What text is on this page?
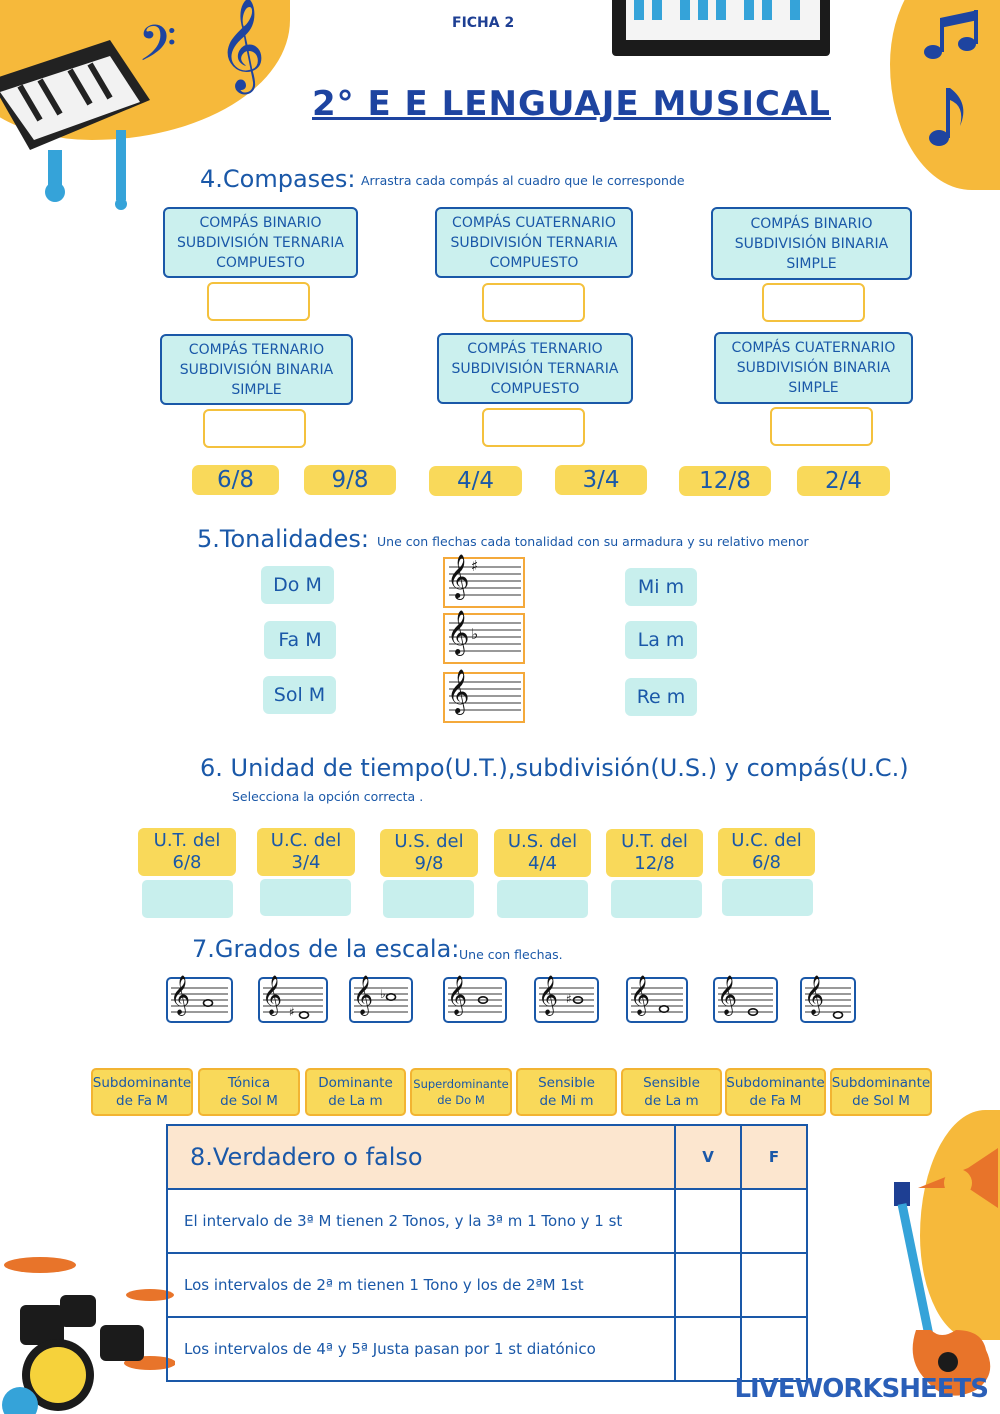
𝄢 𝄞	FICHA 2
2° E E LENGUAJE MUSICAL
4.Compases: Arrastra cada compás al cuadro que le corresponde
COMPÁS BINARIO
SUBDIVISIÓN TERNARIA
COMPUESTO
COMPÁS CUATERNARIO
SUBDIVISIÓN TERNARIA
COMPUESTO
COMPÁS BINARIO
SUBDIVISIÓN BINARIA
SIMPLE
COMPÁS TERNARIO
SUBDIVISIÓN BINARIA
SIMPLE
COMPÁS TERNARIO
SUBDIVISIÓN TERNARIA
COMPUESTO
COMPÁS CUATERNARIO
SUBDIVISIÓN BINARIA
SIMPLE
6/8	9/8	4/4	3/4	12/8	2/4
5.Tonalidades: Une con flechas cada tonalidad con su armadura y su relativo menor
Do M
Fa M
Sol M
𝄞 ♯
𝄞 ♭
𝄞
Mi m
La m
Re m
6. Unidad de tiempo(U.T.),subdivisión(U.S.) y compás(U.C.)
Selecciona la opción correcta .
U.T. del
6/8
U.C. del
3/4
U.S. del
9/8
U.S. del
4/4
U.T. del
12/8
U.C. del
6/8
7.Grados de la escala: Une con flechas.
𝄞 𝄞 ♯ 𝄞 ♭ 𝄞 𝄞 ♯ 𝄞 𝄞 𝄞
Subdominante
de Fa M
Tónica
de Sol M
Dominante
de La m
Superdominante
de Do M
Sensible
de Mi m
Sensible
de La m
Subdominante
de Fa M
Subdominante
de Sol M
8.Verdadero o falso	V	F
El intervalo de 3ª M tienen 2 Tonos, y la 3ª m 1 Tono y 1 st		
Los intervalos de 2ª m tienen 1 Tono y los de 2ªM 1st		
Los intervalos de 4ª y 5ª Justa pasan por 1 st diatónico		
LIVEWORKSHEETS
